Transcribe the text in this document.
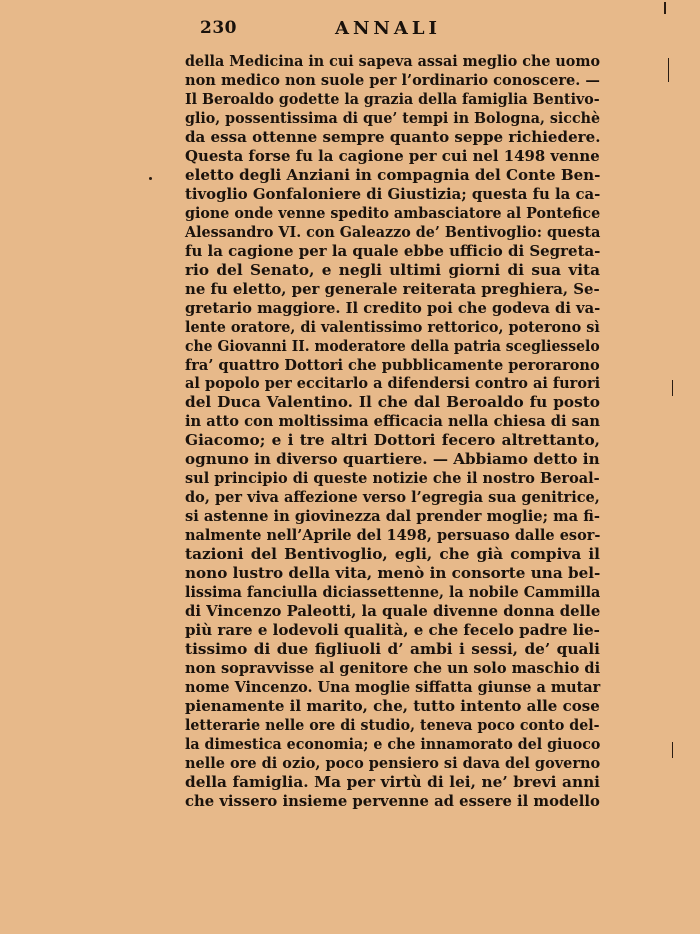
230	ANNALI
della Medicina in cui sapeva assai meglio che uomo
non medico non suole per l’ordinario conoscere. —
Il Beroaldo godette la grazia della famiglia Bentivo-
glio, possentissima di que’ tempi in Bologna, sicchè
da essa ottenne sempre quanto seppe richiedere.
Questa forse fu la cagione per cui nel 1498 venne
eletto degli Anziani in compagnia del Conte Ben-
tivoglio Gonfaloniere di Giustizia; questa fu la ca-
gione onde venne spedito ambasciatore al Pontefice
Alessandro VI. con Galeazzo de’ Bentivoglio: questa
fu la cagione per la quale ebbe ufficio di Segreta-
rio del Senato, e negli ultimi giorni di sua vita
ne fu eletto, per generale reiterata preghiera, Se-
gretario maggiore. Il credito poi che godeva di va-
lente oratore, di valentissimo rettorico, poterono sì
che Giovanni II. moderatore della patria scegliesselo
fra’ quattro Dottori che pubblicamente perorarono
al popolo per eccitarlo a difendersi contro ai furori
del Duca Valentino. Il che dal Beroaldo fu posto
in atto con moltissima efficacia nella chiesa di san
Giacomo; e i tre altri Dottori fecero altrettanto,
ognuno in diverso quartiere. — Abbiamo detto in
sul principio di queste notizie che il nostro Beroal-
do, per viva affezione verso l’egregia sua genitrice,
si astenne in giovinezza dal prender moglie; ma fi-
nalmente nell’Aprile del 1498, persuaso dalle esor-
tazioni del Bentivoglio, egli, che già compiva il
nono lustro della vita, menò in consorte una bel-
lissima fanciulla diciassettenne, la nobile Cammilla
di Vincenzo Paleotti, la quale divenne donna delle
più rare e lodevoli qualità, e che fecelo padre lie-
tissimo di due figliuoli d’ ambi i sessi, de’ quali
non sopravvisse al genitore che un solo maschio di
nome Vincenzo. Una moglie siffatta giunse a mutar
pienamente il marito, che, tutto intento alle cose
letterarie nelle ore di studio, teneva poco conto del-
la dimestica economia; e che innamorato del giuoco
nelle ore di ozio, poco pensiero si dava del governo
della famiglia. Ma per virtù di lei, ne’ brevi anni
che vissero insieme pervenne ad essere il modello
